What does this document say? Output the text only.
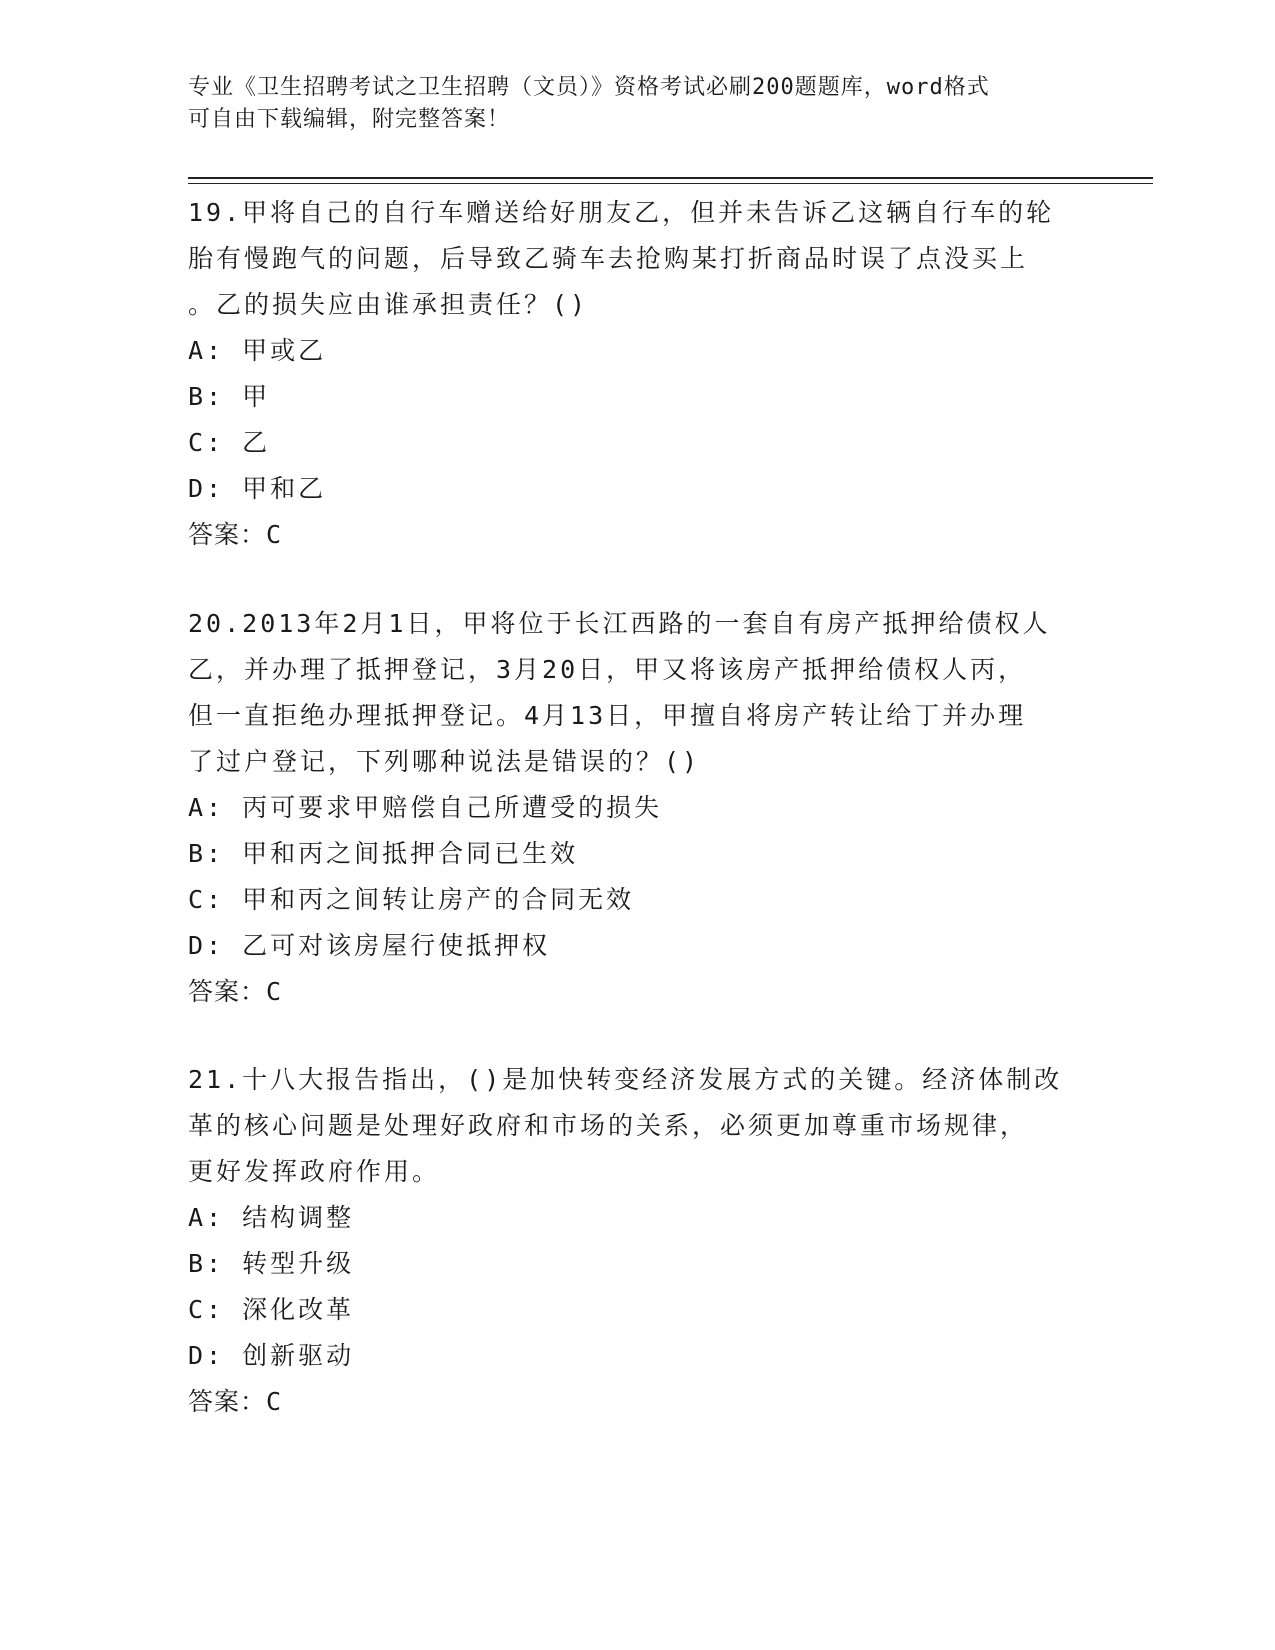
专业《卫生招聘考试之卫生招聘（文员）》资格考试必刷200题题库，word格式
可自由下载编辑，附完整答案！

19.甲将自己的自行车赠送给好朋友乙，但并未告诉乙这辆自行车的轮
胎有慢跑气的问题，后导致乙骑车去抢购某打折商品时误了点没买上
。乙的损失应由谁承担责任？()

A: 甲或乙

B: 甲

C: 乙

D: 甲和乙

答案：C

20.2013年2月1日，甲将位于长江西路的一套自有房产抵押给债权人
乙，并办理了抵押登记，3月20日，甲又将该房产抵押给债权人丙，
但一直拒绝办理抵押登记。4月13日，甲擅自将房产转让给丁并办理
了过户登记，下列哪种说法是错误的？()

A: 丙可要求甲赔偿自己所遭受的损失

B: 甲和丙之间抵押合同已生效

C: 甲和丙之间转让房产的合同无效

D: 乙可对该房屋行使抵押权

答案：C

21.十八大报告指出，()是加快转变经济发展方式的关键。经济体制改
革的核心问题是处理好政府和市场的关系，必须更加尊重市场规律，
更好发挥政府作用。

A: 结构调整

B: 转型升级

C: 深化改革

D: 创新驱动

答案：C
